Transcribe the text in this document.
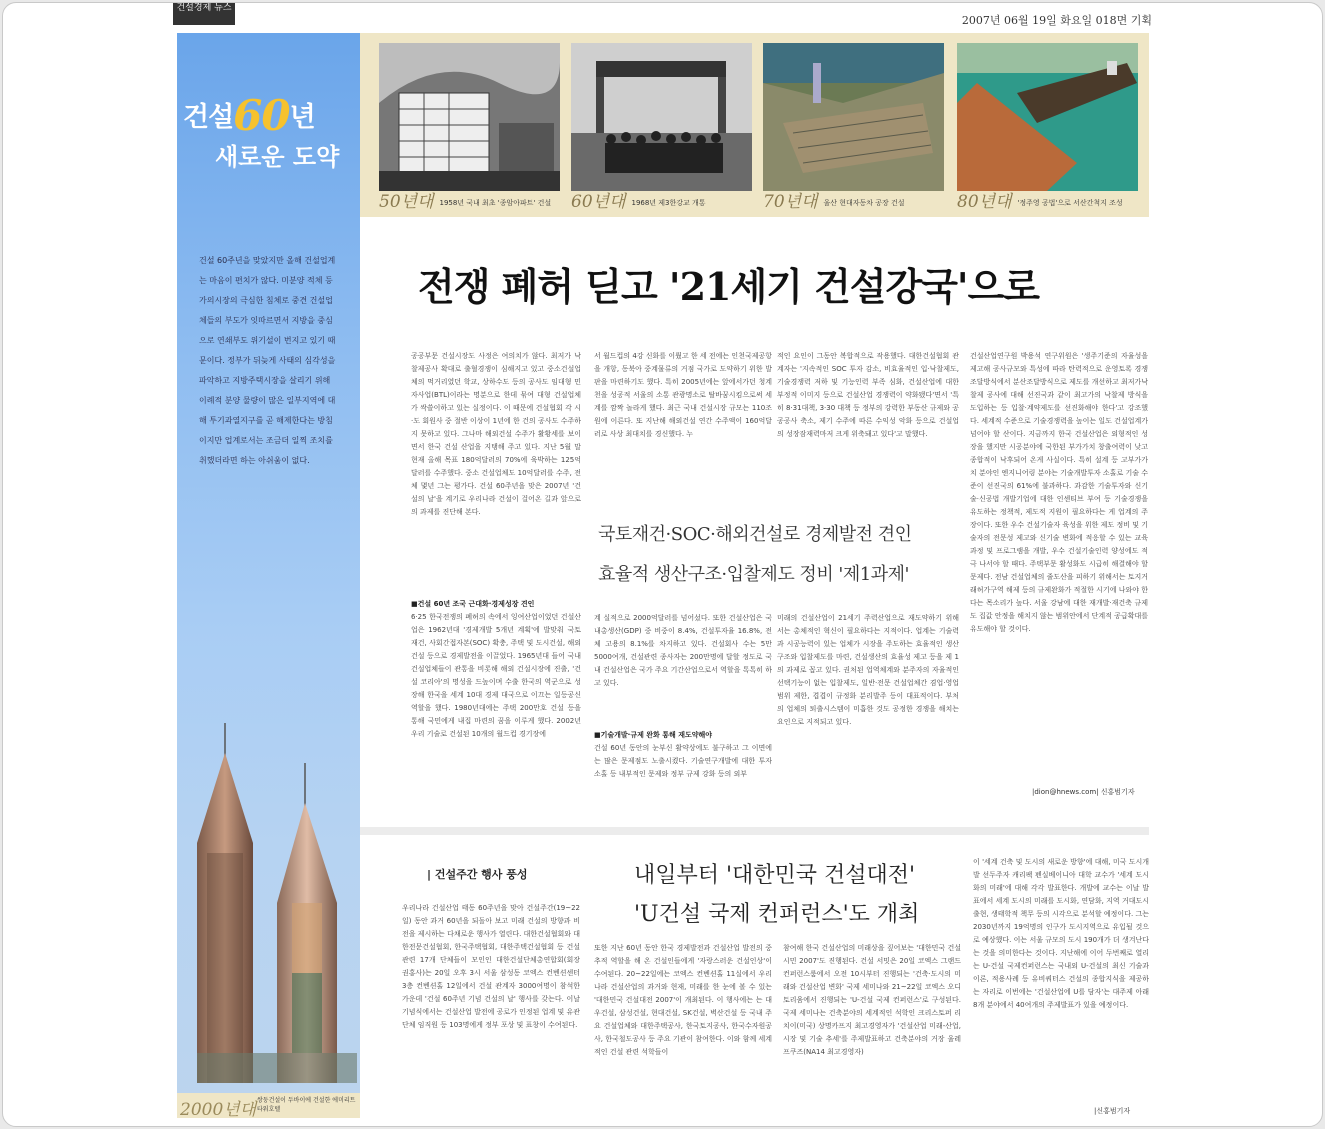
건설경제 뉴스
2007년 06월 19일 화요일 018면 기획
건설60년
새로운 도약
건설 60주년을 맞았지만 올해 건설업계는 마음이 편치가 않다. 미분양 적체 등 가의시장의 극심한 침체로 중견 건설업체들의 부도가 잇따르면서 지방을 중심으로 연쇄부도 위기설이 번지고 있기 때문이다. 정부가 뒤늦게 사태의 심각성을 파악하고 지방주택시장을 살리기 위해 이례적 분양 물량이 많은 일부지역에 대해 투기과열지구를 곧 해제한다는 방침이지만 업계로서는 조금더 일찍 조치를 취했더라면 하는 아쉬움이 없다.
2000년대 쌍둥건설이 두바이에 건설한 에미리트타워호텔
50년대 1958년 국내 최초 '종암아파트' 건설 60년대 1968년 제3한강교 개통	70년대 울산 현대자동차 공장 건설	80년대 '정주영 공법'으로 서산간척지 조성
전쟁 폐허 딛고 '21세기 건설강국'으로
공공부문 건설시장도 사정은 여의치가 않다. 최저가 낙찰제공사 확대로 출혈경쟁이 심해지고 있고 중소건설업체의 먹거리였던 학교, 상하수도 등의 공사도 임대형 민자사업(BTL)이라는 명분으로 한데 묶여 대형 건설업체가 싹쓸이하고 있는 실정이다. 이 때문에 건설협회 각 시·도 회원사 중 절반 이상이 1년에 한 건의 공사도 수주하지 못하고 있다. 그나마 해외건설 수주가 활황세를 보이면서 한국 건설 산업을 지탱해 주고 있다. 지난 5월 말 현재 올해 목표 180억달러의 70%에 육박하는 125억달러를 수주했다. 중소 건설업체도 10억달러를 수주, 전체 몇년 그는 평가다. 건설 60주년을 맞은 2007년 '건설의 날'을 계기로 우리나라 건설이 걸어온 길과 앞으로의 과제를 진단해 본다.
■건설 60년 조국 근대화·경제성장 견인
6·25 한국전쟁의 폐허의 속에서 잉여산업이었던 건설산업은 1962년대 '경제개발 5개년 계획'에 발맞춰 국토 재건, 사회간접자본(SOC) 확충, 주택 및 도시건설, 해외건설 등으로 경제발전을 이끌었다. 1965년대 들어 국내 건설업체들이 관통을 비롯해 해외 건설시장에 진출, '건설 코리아'의 명성을 드높이며 수출 한국의 역군으로 성장해 한국을 세계 10대 경제 대국으로 이끄는 일등공신 역할을 했다. 1980년대에는 주택 200만호 건설 등을 통해 국민에게 내집 마련의 꿈을 이루게 했다. 2002년 우리 기술로 건설된 10개의 월드컵 경기장에
서 월드컵의 4강 신화를 이뤘고 한 세 전에는 인천국제공항을 개항, 동북아 중계물류의 거점 국가로 도약하기 위한 발판을 마련하기도 했다. 특히 2005년에는 앞에서가던 청계천을 성공적 서울의 소통 관광명소로 탈바꿈시킴으로써 세계를 깜짝 놀라게 했다. 최근 국내 건설시장 규모는 110조원에 이른다. 또 지난해 해외건설 연간 수주액이 160억달러로 사상 최대치를 경신했다. 누
적인 요인이 그동안 복합적으로 작용했다. 대한건설협회 관계자는 '지속적인 SOC 투자 감소, 비효율적인 입·낙찰제도, 기술경쟁력 저하 및 기능인력 부족 심화, 건설산업에 대한 부정적 이미지 등으로 건설산업 경쟁력이 약화됐다'면서 '특히 8·31대책, 3·30 대책 등 정부의 강력한 부동산 규제와 공공공사 축소, 제기 수주에 따른 수익성 악화 등으로 건설업의 성장잠재력마저 크게 위축돼고 있다'고 말했다.
국토재건·SOC·해외건설로 경제발전 견인
효율적 생산구조·입찰제도 정비 '제1과제'
계 실적으로 2000억달러를 넘어섰다. 또한 건설산업은 국내총생산(GDP) 중 비중이 8.4%, 건설투자율 16.8%, 전체 고용의 8.1%를 차지하고 있다. 건설회사 수는 5만5000여개, 건설관련 종사자는 200만명에 달할 정도로 국내 건설산업은 국가 주요 기간산업으로서 역할을 톡톡히 하고 있다.
■기술개발·규제 완화 통해 재도약해야
건설 60년 동안의 눈부신 활약상에도 불구하고 그 이면에는 많은 문제점도 노출시켰다. 기술연구개발에 대한 투자 소홀 등 내부적인 문제와 정부 규제 강화 등의 외부
미래의 건설산업이 21세기 주력산업으로 재도약하기 위해서는 총체적인 혁신이 필요하다는 지적이다. 업계는 기술력과 시공능력이 있는 업체가 시장을 주도하는 효율적인 생산구조와 입찰제도를 마련, 건설생산의 효율성 제고 등을 제 1의 과제로 꼽고 있다. 권처된 업역체계와 분주자의 자율적인 선택기능이 없는 입찰제도, 일반·전문 건설업체간 겸업·영업범위 제한, 겹겹이 규정화 분리발주 등이 대표적이다. 부처의 업체의 퇴출시스템이 미흡한 것도 공정한 경쟁을 해치는 요인으로 지적되고 있다.
건설산업연구원 박용석 연구위원은 '생주기준의 자율성을 제고해 공사규모와 특성에 따라 탄력적으로 운영토록 경쟁조달방식에서 분산조달방식으로 제도를 개선하고 최저가낙찰제 공사에 대해 선진국과 같이 최고가의 낙찰제 방식을 도입하는 등 입찰·계약제도를 선진화해야 한다'고 강조했다. 세계적 수준으로 기술경쟁력을 높이는 일도 건설업계가 넘어야 할 산이다. 지금까지 한국 건설산업은 외형적인 성장을 했지만 시공분야에 국한된 부가가치 창출여력이 낮고 종합적이 낙후되어 온게 사실이다. 특히 설계 등 고부가가치 분야인 엔지니어링 분야는 기술개발투자 소홀로 기술 수준이 선진국의 61%에 불과하다. 과감한 기술투자와 신기술·신공법 개발기업에 대한 인센티브 부여 등 기술경쟁을 유도하는 정책적, 제도적 지원이 필요하다는 게 업계의 주장이다. 또한 우수 건설기술자 육성을 위한 제도 정비 및 기술자의 전문성 제고와 신기술 변화에 적응할 수 있는 교육과정 및 프로그램을 개발, 우수 건설기술인력 양성에도 적극 나서야 할 때다. 주택부문 활성화도 시급히 해결해야 할 문제다. 전남 건설업체의 줄도산을 피하기 위해서는 토지거래허가구역 해제 등의 규제완화가 적절한 시기에 나와야 한다는 목소리가 높다. 서울 강남에 대한 재개발·재건축 규제도 집값 안정을 해치지 않는 범위안에서 단계적 공급확대를 유도해야 할 것이다.
|dion@hnews.com| 신홍범기자
| 건설주간 행사 풍성	내일부터 '대한민국 건설대전'
'U건설 국제 컨퍼런스'도 개최
우리나라 건설산업 태동 60주년을 맞아 건설주간(19~22일) 동안 과거 60년을 되돌아 보고 미래 건설의 방향과 비전을 제시하는 다채로운 행사가 열린다. 대한건설협회와 대한전문건설협회, 한국주택협회, 대한주택건설협회 등 건설관련 17개 단체들이 모인인 대한건설단체총연합회(회장 권홍사)는 20일 오후 3시 서울 삼성동 코엑스 컨벤션센터 3층 컨벤션홀 12일에서 건설 관계자 3000여명이 참석한 가운데 '건설 60주년 기념 건설의 날' 행사를 갖는다. 이날 기념식에서는 건설산업 발전에 공로가 인정된 업계 및 유관단체 임직원 등 103명에게 정부 포상 및 표창이 수여된다.
또한 지난 60년 동안 한국 경제발전과 건설산업 발전의 중추적 역할을 해 온 건설인들에게 '자랑스러운 건설인상'이 수여된다. 20~22일에는 코엑스 컨벤션홀 11실에서 우리나라 건설산업의 과거와 현재, 미래를 한 눈에 볼 수 있는 '대한민국 건설대전 2007'이 개최된다. 이 행사에는 는 대우건설, 삼성건설, 현대건설, SK건설, 벽산건설 등 국내 주요 건설업체와 대한주택공사, 한국토지공사, 한국수자원공사, 한국철도공사 등 주요 기관이 참여한다. 이와 함께 세계적인 건설 관련 석학들이
참여해 한국 건설산업의 미래상을 짚어보는 '대한민국 건설 시민 2007'도 진행된다. 건설 서밋은 20일 코엑스 그랜드 컨퍼런스룸에서 오전 10시부터 진행되는 '건축·도시의 미래와 건설산업 변화' 국제 세미나와 21~22일 코엑스 오디토리움에서 진행되는 'U-건설 국제 컨퍼런스'로 구성된다. 국제 세미나는 건축분야의 세계적인 석학인 크리스토퍼 리치이(미국) 상명카프지 최고경영자가 '건설산업 미래-산업, 시장 및 기술 추세'를 주제발표하고 건축분야의 거장 울레프쿠즈(NA14 최고경영자)
이 '세계 건축 및 도시의 새로운 방향'에 대해, 미국 도시개발 선두주자 캐리팩 펜실베이니아 대학 교수가 '세계 도시화의 미래'에 대해 각각 발표한다. 개발에 교수는 이날 발표에서 세계 도시의 미래를 도시화, 연담화, 지역 거대도시 출현, 생태학적 책무 등의 시각으로 분석할 예정이다. 그는 2030년까지 19억명의 인구가 도시지역으로 유입될 것으로 예상했다. 이는 서울 규모의 도시 190개가 더 생겨난다는 것을 의미한다는 것이다. 지난해에 이어 두번째로 열리는 U-건설 국제컨퍼런스는 국내외 U-건설의 최신 기술과 이론, 적용사례 등 유비쿼터스 건설의 종합지식을 제공하는 자리로 이번에는 '건설산업에 U를 담자'는 대주제 아래 8개 분야에서 40여개의 주제발표가 있을 예정이다.
|신홍범기자
